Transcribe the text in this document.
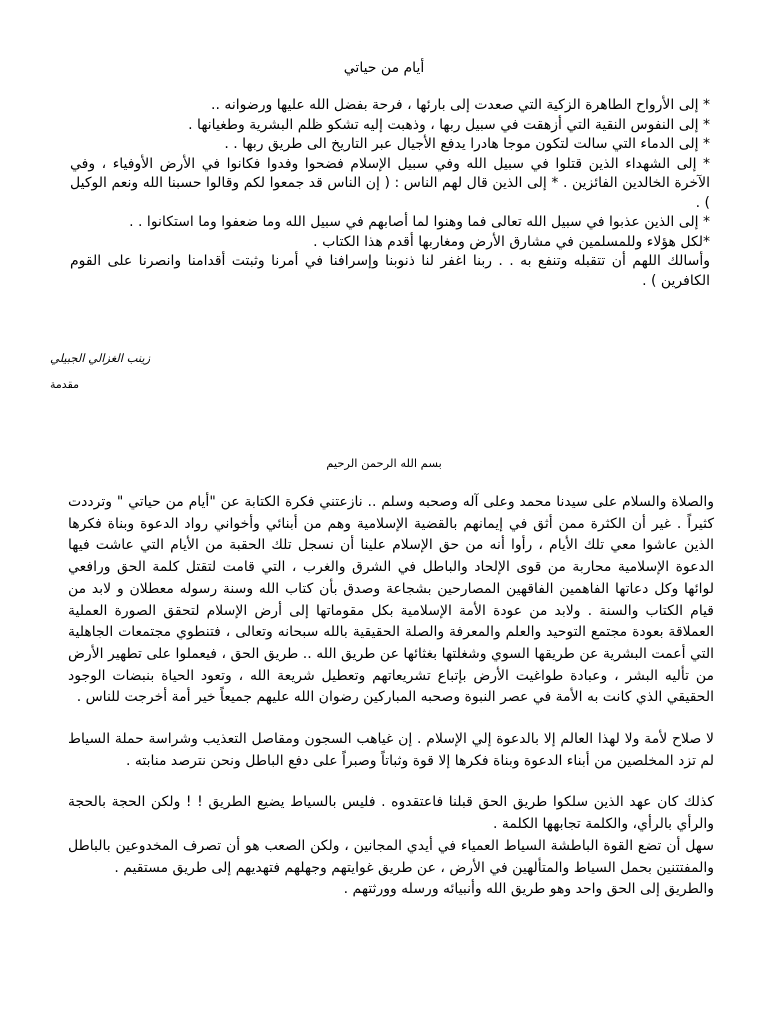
أيام من حياتي

* إلى الأرواح الطاهرة الزكية التي صعدت إلى بارئها ، فرحة بفضل الله عليها ورضوانه ..

* إلى النفوس النقية التي أزهقت في سبيل ربها ، وذهبت إليه تشكو ظلم البشرية وطغيانها .

* إلى الدماء التي سالت لتكون موجا هادرا يدفع الأجيال عبر التاريخ الى طريق ربها . .

* إلى الشهداء الذين قتلوا في سبيل الله وفي سبيل الإسلام فضحوا وفدوا فكانوا في الأرض الأوفياء ، وفي الآخرة الخالدين الفائزين . * إلى الذين قال لهم الناس : ( إن الناس قد جمعوا لكم وقالوا حسبنا الله ونعم الوكيل ) .

* إلى الذين عذبوا في سبيل الله تعالى فما وهنوا لما أصابهم في سبيل الله وما ضعفوا وما استكانوا . .

*لكل هؤلاء وللمسلمين في مشارق الأرض ومغاربها أقدم هذا الكتاب .

وأسالك اللهم أن تتقبله وتنفع به . . ربنا اغفر لنا ذنوبنا وإسرافنا في أمرنا وثبتت أقدامنا وانصرنا على القوم الكافرين ) .

زينب الغزالي الجبيلي
مقدمة
بسم الله الرحمن الرحيم

والصلاة والسلام على سيدنا محمد وعلى آله وصحبه وسلم .. نازعتني فكرة الكتابة عن "أيام من حياتي " وترددت كثيراً . غير أن الكثرة ممن أثق في إيمانهم بالقضية الإسلامية وهم من أبنائي وأخواني رواد الدعوة وبناة فكرها الذين عاشوا معي تلك الأيام ، رأوا أنه من حق الإسلام علينا أن نسجل تلك الحقبة من الأيام التي عاشت فيها الدعوة الإسلامية محاربة من قوى الإلحاد والباطل في الشرق والغرب ، التي قامت لتقتل كلمة الحق ورافعي لوائها وكل دعاتها الفاهمين الفاقهين المصارحين بشجاعة وصدق بأن كتاب الله وسنة رسوله معطلان و لابد من قيام الكتاب والسنة . ولابد من عودة الأمة الإسلامية بكل مقوماتها إلى أرض الإسلام لتحقق الصورة العملية العملاقة بعودة مجتمع التوحيد والعلم والمعرفة والصلة الحقيقية بالله سبحانه وتعالى ، فتنطوي مجتمعات الجاهلية التي أعمت البشرية عن طريقها السوي وشغلتها بغثائها عن طريق الله .. طريق الحق ، فيعملوا على تطهير الأرض من تأليه البشر ، وعبادة طواغيت الأرض بإتباع تشريعاتهم وتعطيل شريعة الله ، وتعود الحياة بنبضات الوجود الحقيقي الذي كانت به الأمة في عصر النبوة وصحبه المباركين رضوان الله عليهم جميعاً خير أمة أخرجت للناس .

لا صلاح لأمة ولا لهذا العالم إلا بالدعوة إلي الإسلام . إن غياهب السجون ومقاصل التعذيب وشراسة حملة السياط لم تزد المخلصين من أبناء الدعوة وبناة فكرها إلا قوة وثباتاً وصبراً على دفع الباطل ونحن نترصد منابته .

كذلك كان عهد الذين سلكوا طريق الحق قبلنا فاعتقدوه . فليس بالسياط يضيع الطريق ! ! ولكن الحجة بالحجة والرأي بالرأي، والكلمة تجابهها الكلمة .

سهل أن تضع القوة الباطشة السياط العمياء في أيدي المجانين ، ولكن الصعب هو أن تصرف المخدوعين بالباطل والمفتتنين بحمل السياط والمتألهين في الأرض ، عن طريق غوايتهم وجهلهم فتهديهم إلى طريق مستقيم .

والطريق إلى الحق واحد وهو طريق الله وأنبيائه ورسله وورثتهم .
